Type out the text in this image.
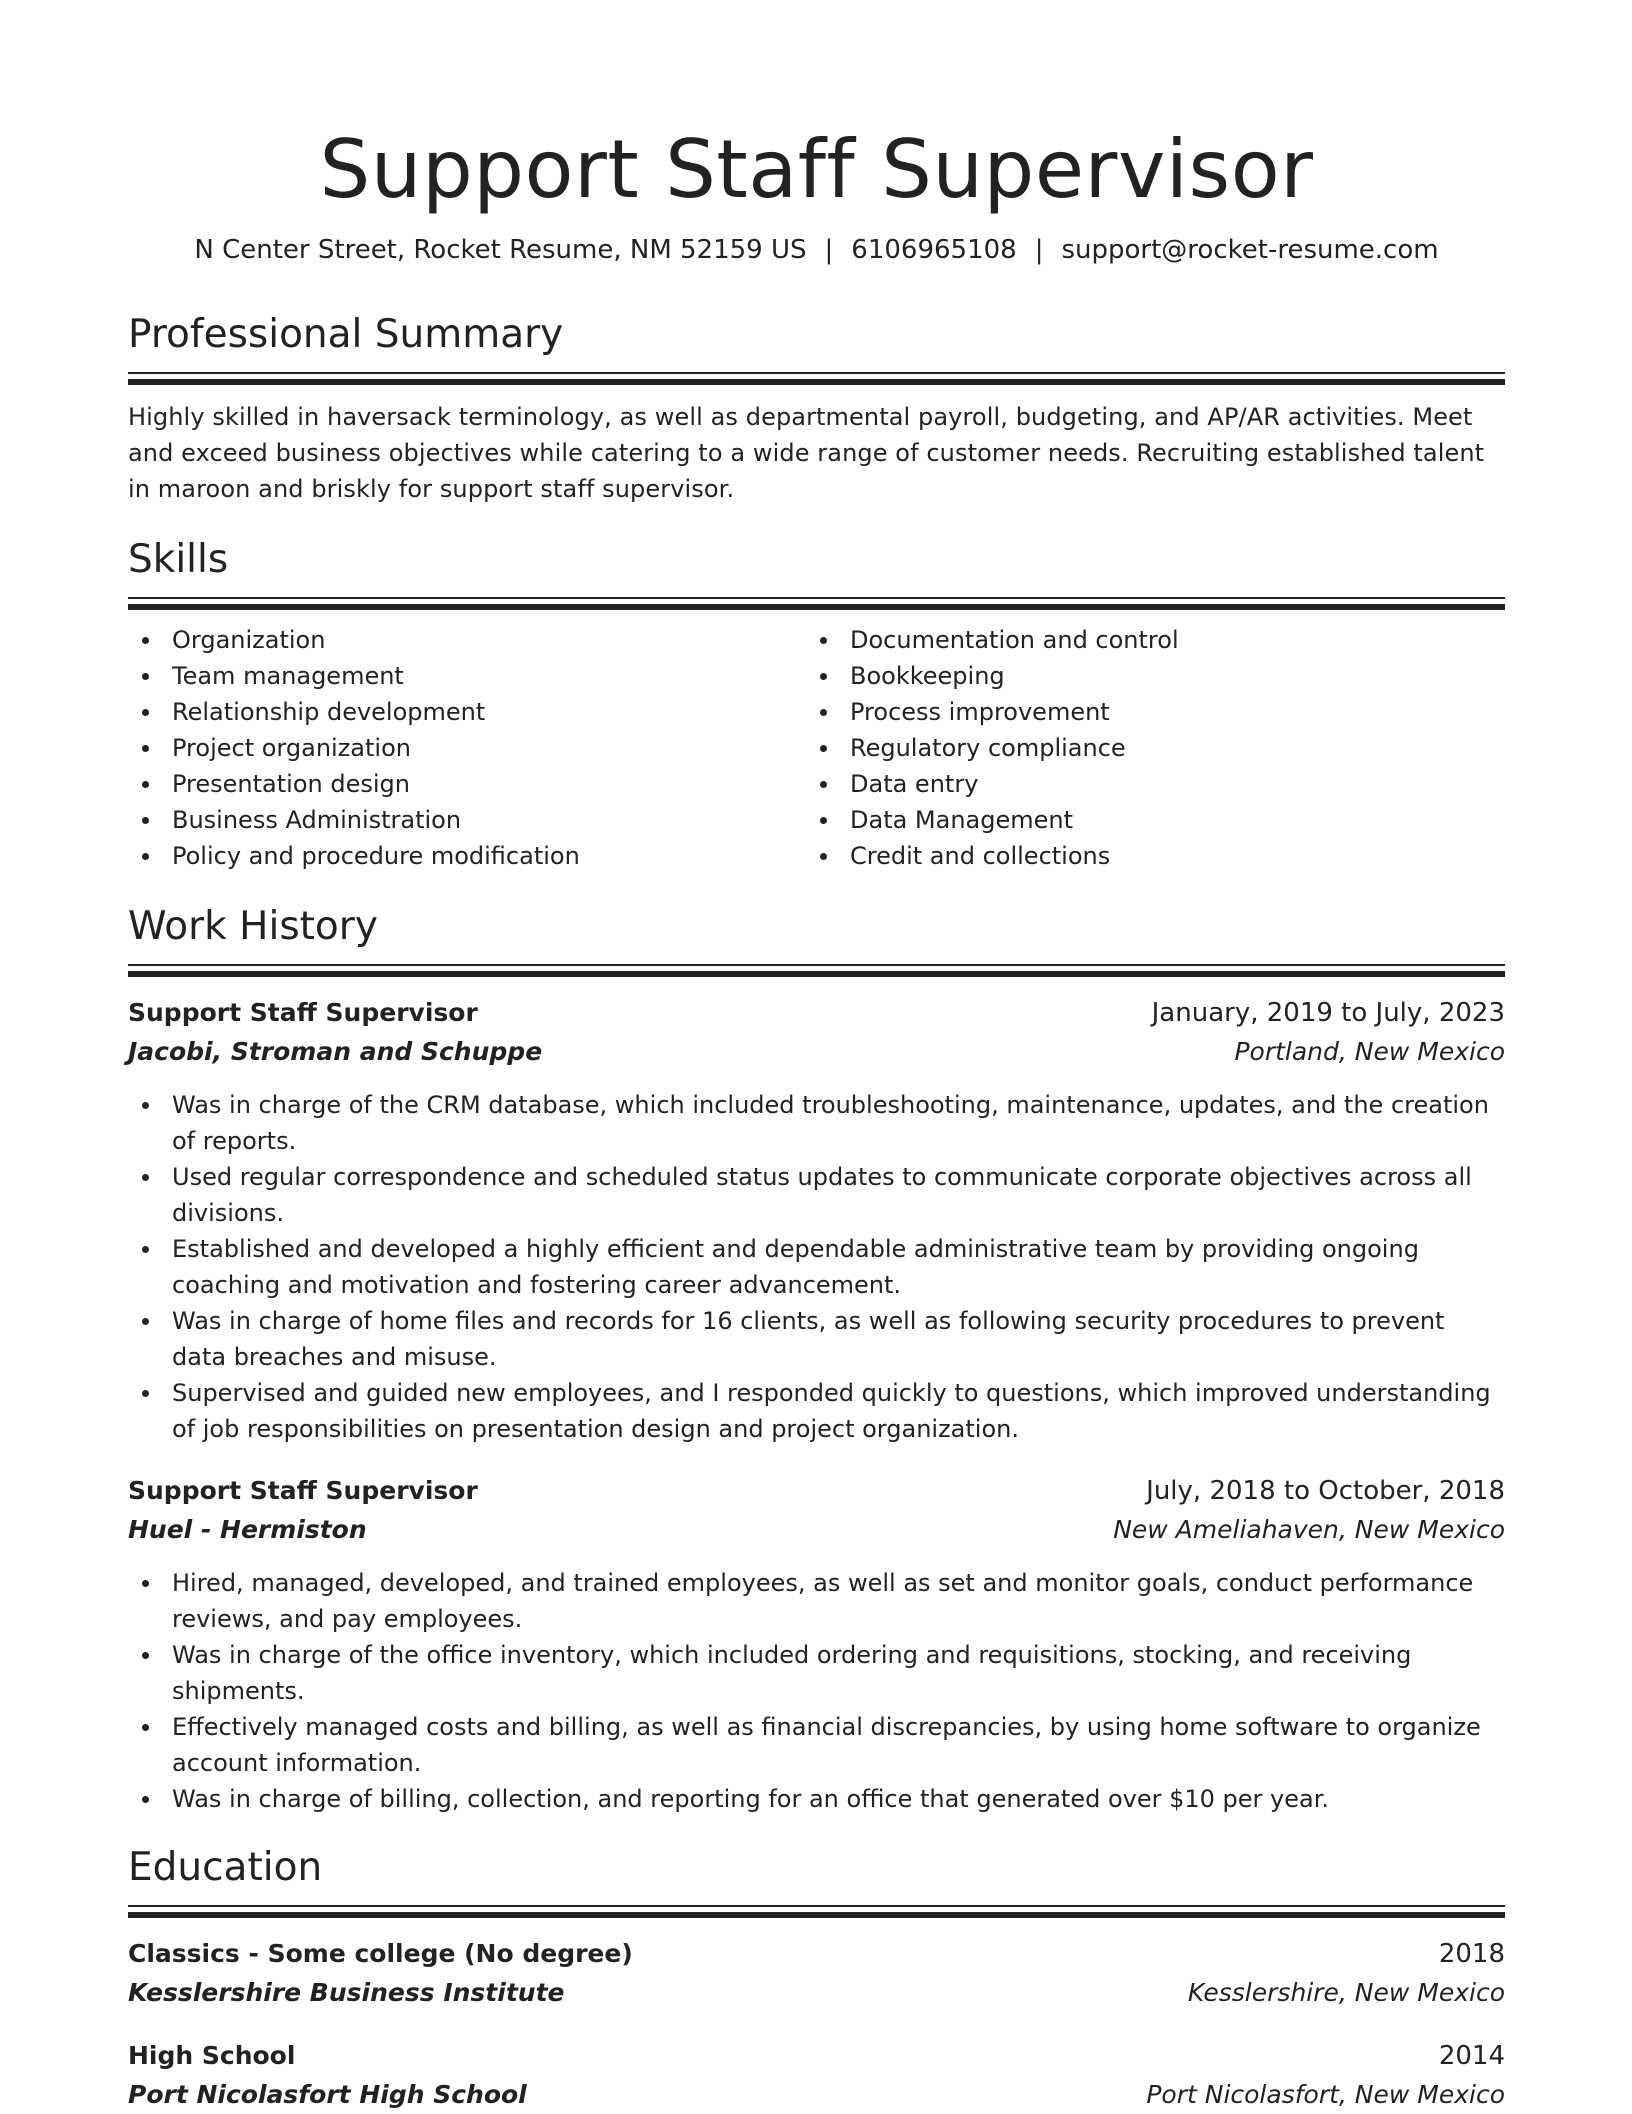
Support Staff Supervisor
N Center Street, Rocket Resume, NM 52159 US | 6106965108 | support@rocket-resume.com
Professional Summary
Highly skilled in haversack terminology, as well as departmental payroll, budgeting, and AP/AR activities. Meet and exceed business objectives while catering to a wide range of customer needs. Recruiting established talent in maroon and briskly for support staff supervisor.
Skills
Organization
Team management
Relationship development
Project organization
Presentation design
Business Administration
Policy and procedure modification
Documentation and control
Bookkeeping
Process improvement
Regulatory compliance
Data entry
Data Management
Credit and collections
Work History
Support Staff Supervisor	January, 2019 to July, 2023
Jacobi, Stroman and Schuppe	Portland, New Mexico
Was in charge of the CRM database, which included troubleshooting, maintenance, updates, and the creation of reports.
Used regular correspondence and scheduled status updates to communicate corporate objectives across all divisions.
Established and developed a highly efficient and dependable administrative team by providing ongoing coaching and motivation and fostering career advancement.
Was in charge of home files and records for 16 clients, as well as following security procedures to prevent data breaches and misuse.
Supervised and guided new employees, and I responded quickly to questions, which improved understanding of job responsibilities on presentation design and project organization.
Support Staff Supervisor	July, 2018 to October, 2018
Huel - Hermiston	New Ameliahaven, New Mexico
Hired, managed, developed, and trained employees, as well as set and monitor goals, conduct performance reviews, and pay employees.
Was in charge of the office inventory, which included ordering and requisitions, stocking, and receiving shipments.
Effectively managed costs and billing, as well as financial discrepancies, by using home software to organize account information.
Was in charge of billing, collection, and reporting for an office that generated over $10 per year.
Education
Classics - Some college (No degree)	2018
Kesslershire Business Institute	Kesslershire, New Mexico
High School	2014
Port Nicolasfort High School	Port Nicolasfort, New Mexico
